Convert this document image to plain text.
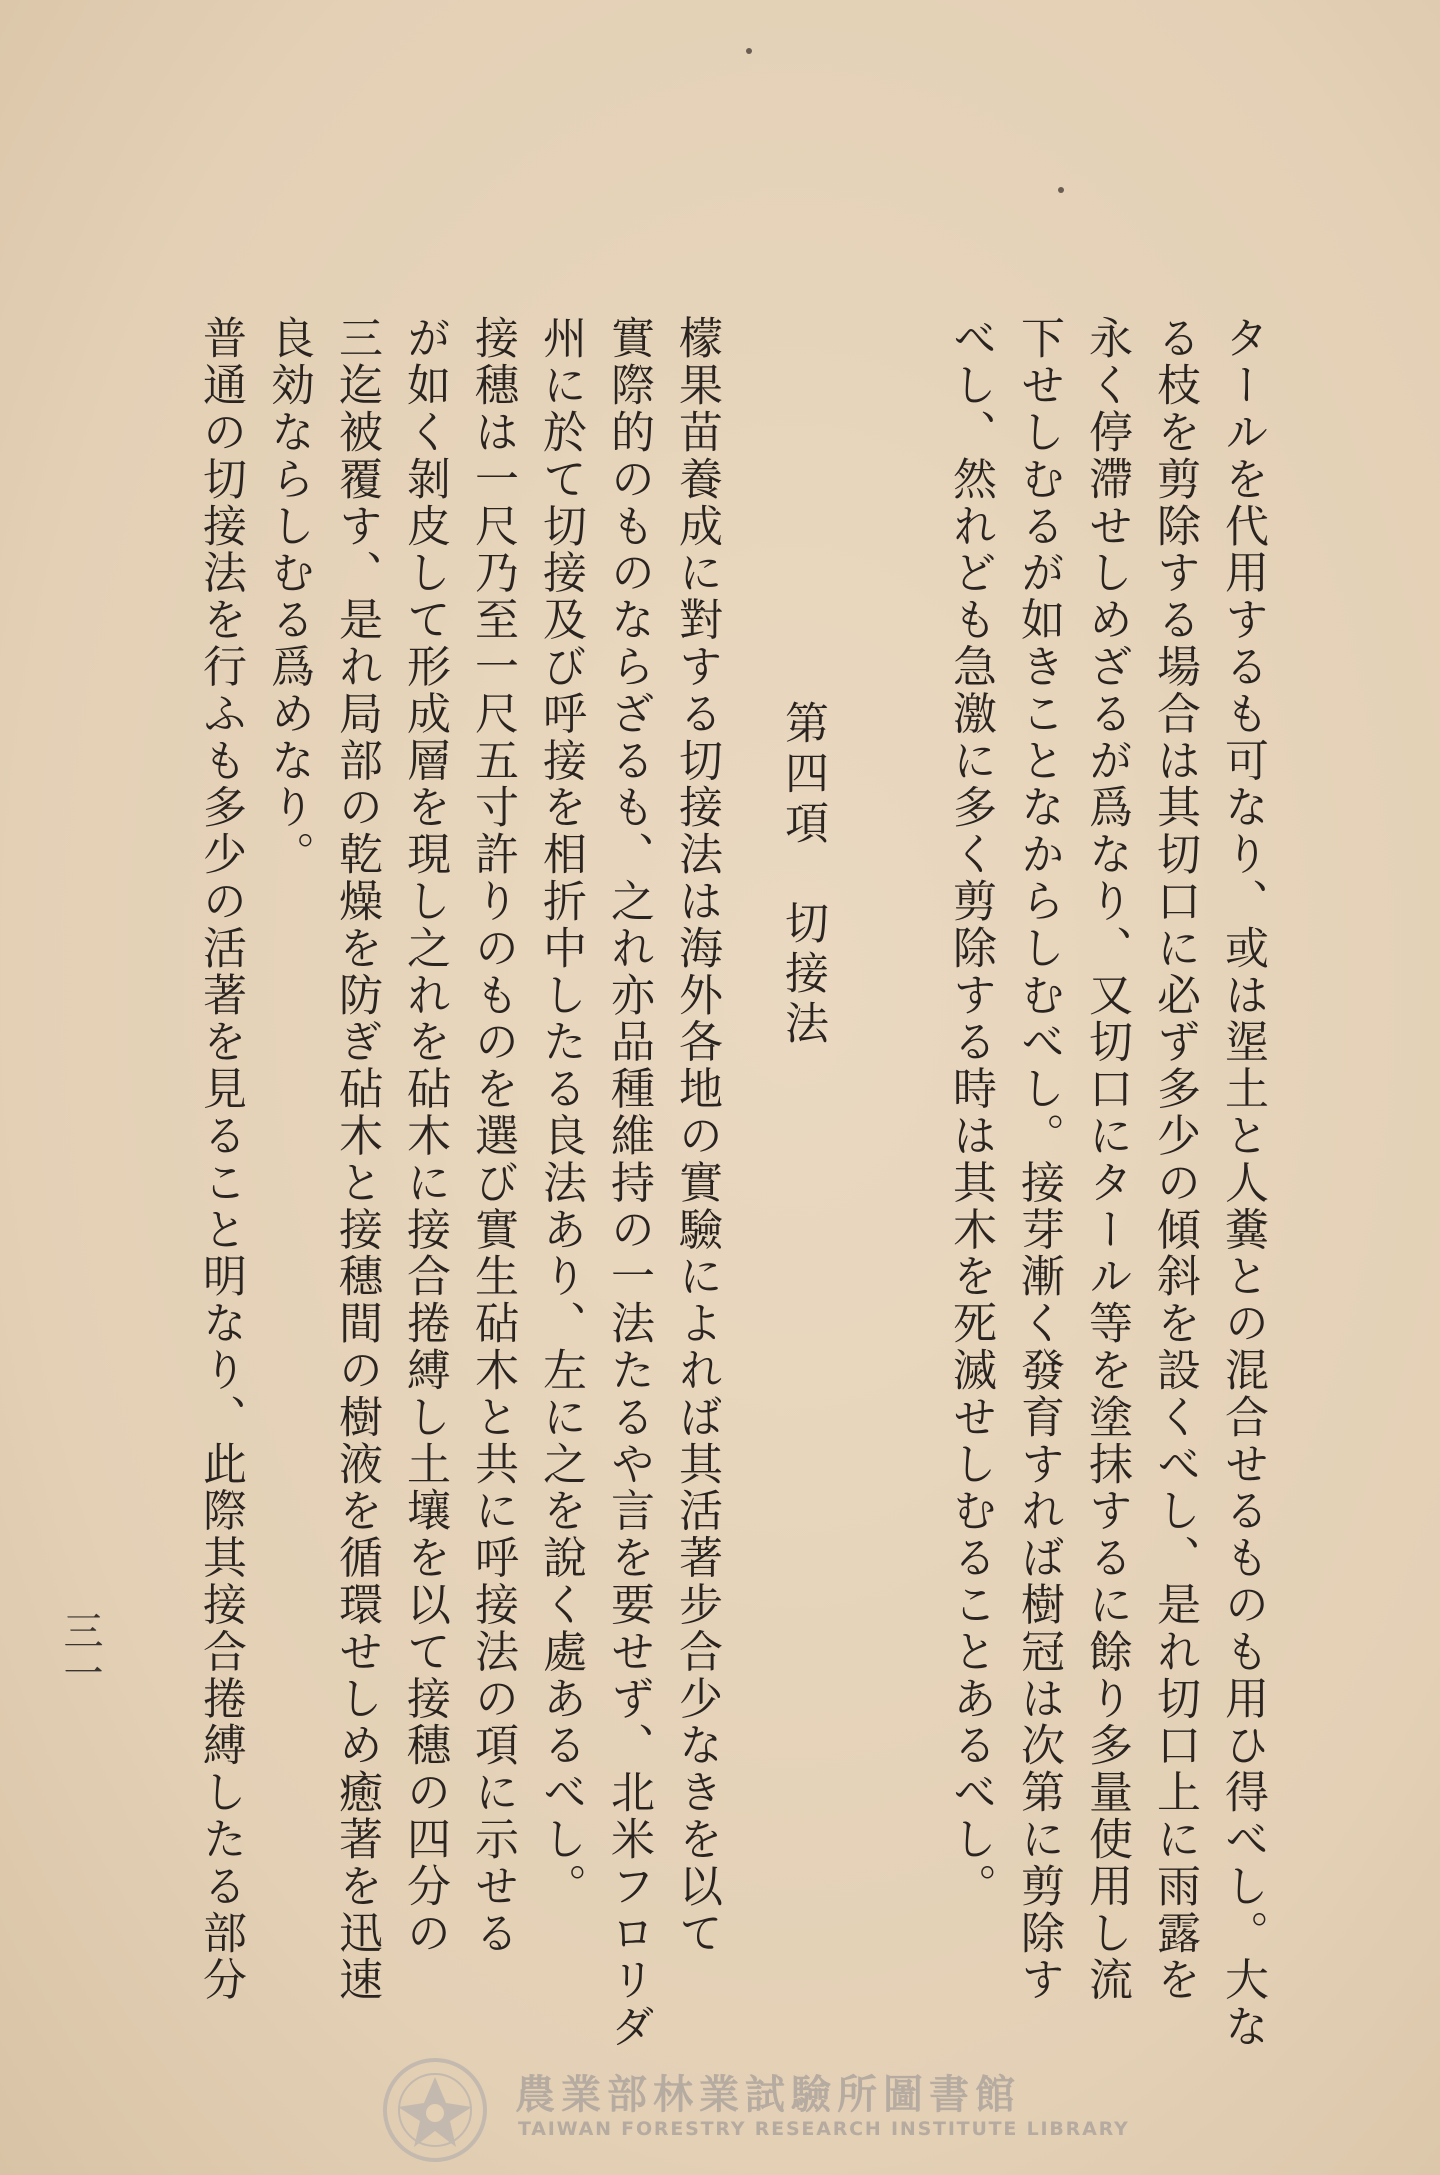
タールを代用するも可なり、或は埿土と人糞との混合せるものも用ひ得べし。大な
る枝を剪除する場合は其切口に必ず多少の傾斜を設くべし、是れ切口上に雨露を
永く停滯せしめざるが爲なり、又切口にタール等を塗抹するに餘り多量使用し流
下せしむるが如きことなからしむべし。接芽漸く發育すれば樹冠は次第に剪除す
べし、然れども急激に多く剪除する時は其木を死滅せしむることあるべし。
第四項　切接法
檬果苗養成に對する切接法は海外各地の實驗によれば其活著步合少なきを以て
實際的のものならざるも、之れ亦品種維持の一法たるや言を要せず、北米フロリダ
州に於て切接及び呼接を相折中したる良法あり、左に之を說く處あるべし。
接穗は一尺乃至一尺五寸許りのものを選び實生砧木と共に呼接法の項に示せる
が如く剝皮して形成層を現し之れを砧木に接合捲縛し土壤を以て接穗の四分の
三迄被覆す、是れ局部の乾燥を防ぎ砧木と接穗間の樹液を循環せしめ癒著を迅速
良効ならしむる爲めなり。
普通の切接法を行ふも多少の活著を見ること明なり、此際其接合捲縛したる部分
三一
農業部林業試驗所圖書館
TAIWAN FORESTRY RESEARCH INSTITUTE LIBRARY
